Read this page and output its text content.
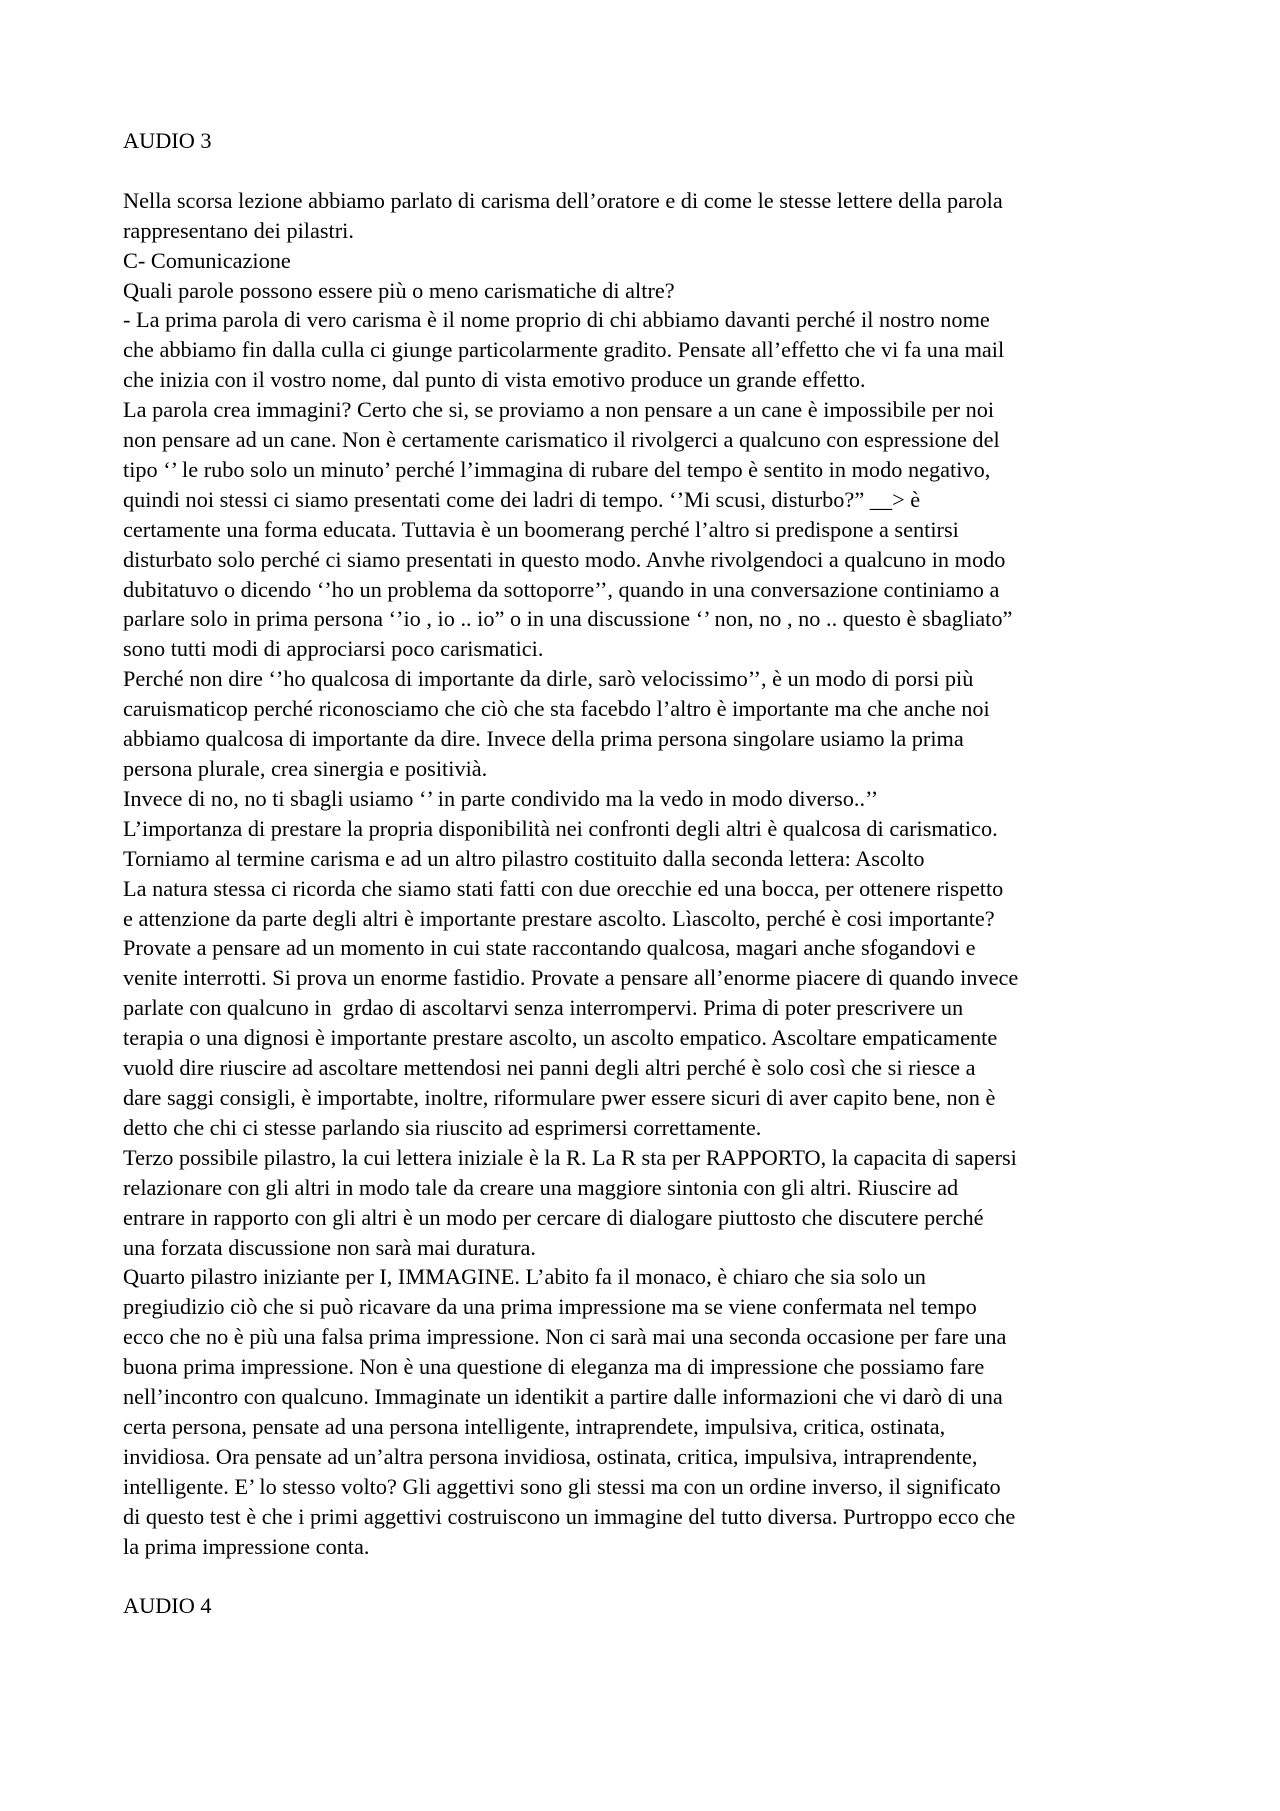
AUDIO 3

Nella scorsa lezione abbiamo parlato di carisma dell’oratore e di come le stesse lettere della parola
rappresentano dei pilastri.

C- Comunicazione

Quali parole possono essere più o meno carismatiche di altre?

- La prima parola di vero carisma è il nome proprio di chi abbiamo davanti perché il nostro nome
che abbiamo fin dalla culla ci giunge particolarmente gradito. Pensate all’effetto che vi fa una mail
che inizia con il vostro nome, dal punto di vista emotivo produce un grande effetto.

La parola crea immagini? Certo che si, se proviamo a non pensare a un cane è impossibile per noi
non pensare ad un cane. Non è certamente carismatico il rivolgerci a qualcuno con espressione del
tipo ‘’ le rubo solo un minuto’ perché l’immagina di rubare del tempo è sentito in modo negativo,
quindi noi stessi ci siamo presentati come dei ladri di tempo. ‘’Mi scusi, disturbo?” __> è
certamente una forma educata. Tuttavia è un boomerang perché l’altro si predispone a sentirsi
disturbato solo perché ci siamo presentati in questo modo. Anvhe rivolgendoci a qualcuno in modo
dubitatuvo o dicendo ‘’ho un problema da sottoporre’’, quando in una conversazione continiamo a
parlare solo in prima persona ‘’io , io .. io” o in una discussione ‘’ non, no , no .. questo è sbagliato”
sono tutti modi di approciarsi poco carismatici.

Perché non dire ‘’ho qualcosa di importante da dirle, sarò velocissimo’’, è un modo di porsi più
caruismaticop perché riconosciamo che ciò che sta facebdo l’altro è importante ma che anche noi
abbiamo qualcosa di importante da dire. Invece della prima persona singolare usiamo la prima
persona plurale, crea sinergia e positivià.

Invece di no, no ti sbagli usiamo ‘’ in parte condivido ma la vedo in modo diverso..’’

L’importanza di prestare la propria disponibilità nei confronti degli altri è qualcosa di carismatico.

Torniamo al termine carisma e ad un altro pilastro costituito dalla seconda lettera: Ascolto

La natura stessa ci ricorda che siamo stati fatti con due orecchie ed una bocca, per ottenere rispetto
e attenzione da parte degli altri è importante prestare ascolto. Lìascolto, perché è cosi importante?
Provate a pensare ad un momento in cui state raccontando qualcosa, magari anche sfogandovi e
venite interrotti. Si prova un enorme fastidio. Provate a pensare all’enorme piacere di quando invece
parlate con qualcuno in  grdao di ascoltarvi senza interrompervi. Prima di poter prescrivere un
terapia o una dignosi è importante prestare ascolto, un ascolto empatico. Ascoltare empaticamente
vuold dire riuscire ad ascoltare mettendosi nei panni degli altri perché è solo così che si riesce a
dare saggi consigli, è importabte, inoltre, riformulare pwer essere sicuri di aver capito bene, non è
detto che chi ci stesse parlando sia riuscito ad esprimersi correttamente.

Terzo possibile pilastro, la cui lettera iniziale è la R. La R sta per RAPPORTO, la capacita di sapersi
relazionare con gli altri in modo tale da creare una maggiore sintonia con gli altri. Riuscire ad
entrare in rapporto con gli altri è un modo per cercare di dialogare piuttosto che discutere perché
una forzata discussione non sarà mai duratura.

Quarto pilastro iniziante per I, IMMAGINE. L’abito fa il monaco, è chiaro che sia solo un
pregiudizio ciò che si può ricavare da una prima impressione ma se viene confermata nel tempo
ecco che no è più una falsa prima impressione. Non ci sarà mai una seconda occasione per fare una
buona prima impressione. Non è una questione di eleganza ma di impressione che possiamo fare
nell’incontro con qualcuno. Immaginate un identikit a partire dalle informazioni che vi darò di una
certa persona, pensate ad una persona intelligente, intraprendete, impulsiva, critica, ostinata,
invidiosa. Ora pensate ad un’altra persona invidiosa, ostinata, critica, impulsiva, intraprendente,
intelligente. E’ lo stesso volto? Gli aggettivi sono gli stessi ma con un ordine inverso, il significato
di questo test è che i primi aggettivi costruiscono un immagine del tutto diversa. Purtroppo ecco che
la prima impressione conta.

AUDIO 4
